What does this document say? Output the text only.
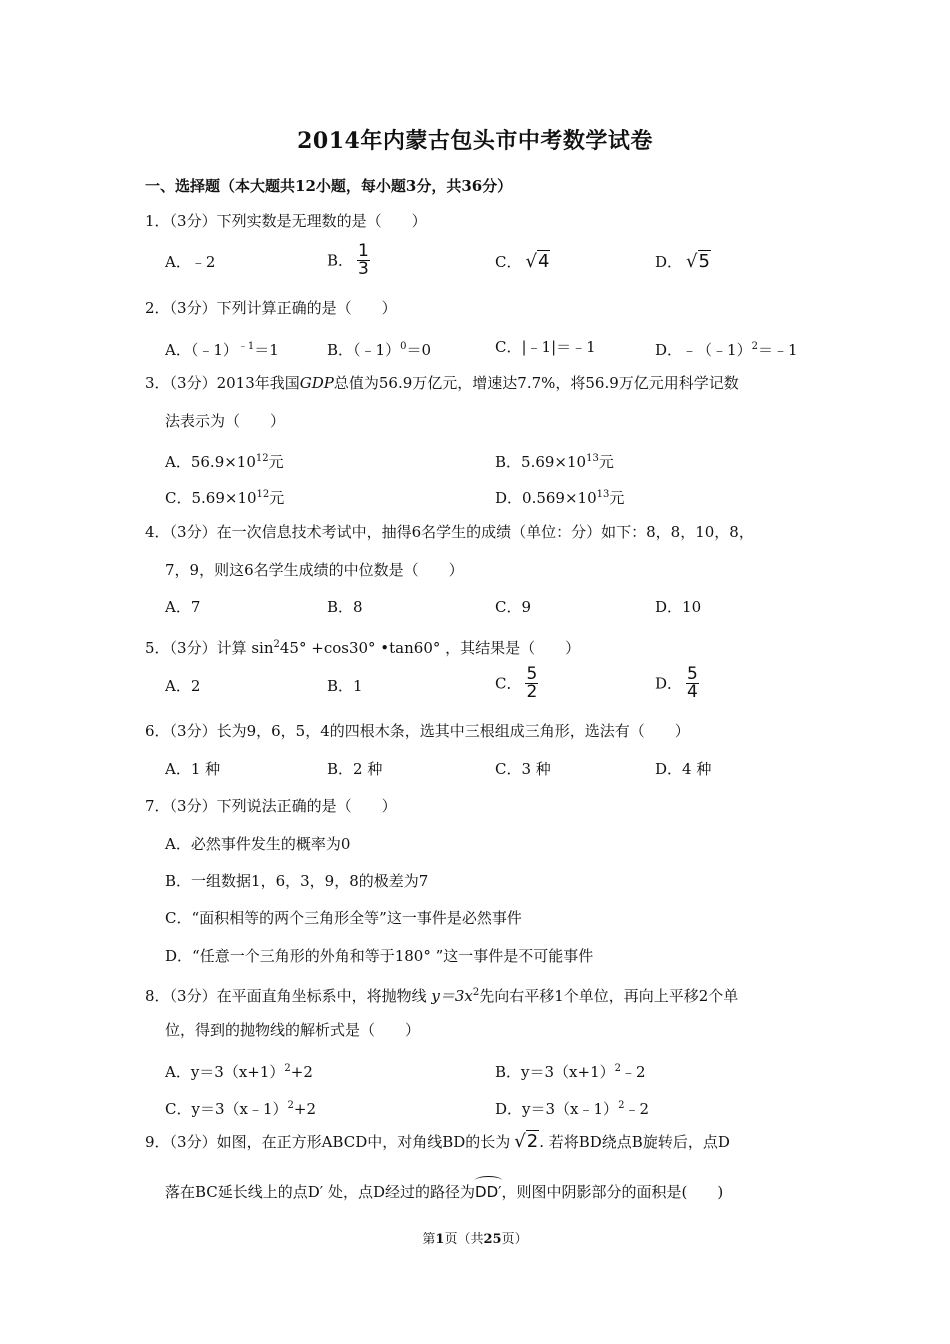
2014年内蒙古包头市中考数学试卷
一、选择题（本大题共12小题，每小题3分，共36分）
1．（3分）下列实数是无理数的是（　　）
A．﹣2	B． $\frac{1}{3}$	C． √4	D． √5
2．（3分）下列计算正确的是（　　）
A．（﹣1）$^{﹣1}$＝1	B．（﹣1）$^0$＝0	C．|﹣1|＝﹣1	D．﹣（﹣1）$^2$＝﹣1
3．（3分）2013年我国GDP总值为56.9万亿元，增速达7.7%，将56.9万亿元用科学记数
法表示为（　　）
A．$56.9\times 10^{12}$元	B．$5.69\times 10^{13}$元
C．$5.69\times 10^{12}$元	D．$0.569\times 10^{13}$元
4．（3分）在一次信息技术考试中，抽得6名学生的成绩（单位：分）如下：8，8，10，8，
7，9，则这6名学生成绩的中位数是（　　）
A．7	B．8	C．9	D．10
5．（3分）计算 $\sin^245^\circ +\cos 30^\circ$ •tan60° ，其结果是（　　）
A．2	B．1	C． $\frac{5}{2}$	D． $\frac{5}{4}$
6．（3分）长为9，6，5，4的四根木条，选其中三根组成三角形，选法有（　　）
A．1 种	B．2 种	C．3 种	D．4 种
7．（3分）下列说法正确的是（　　）
A．必然事件发生的概率为0
B．一组数据1，6，3，9，8的极差为7
C．“面积相等的两个三角形全等”这一事件是必然事件
D．“任意一个三角形的外角和等于180° ”这一事件是不可能事件
8．（3分）在平面直角坐标系中，将抛物线 $y=3x^2$先向右平移1个单位，再向上平移2个单
位，得到的抛物线的解析式是（　　）
A．$y=3(x+1)^2+2$	B．$y=3(x+1)^2﹣2$
C．y＝3（x﹣1）$^2$+2	D．y＝3（x﹣1）$^2$﹣2
9．（3分）如图，在正方形ABCD中，对角线BD的长为 √2. 若将BD绕点B旋转后，点D
落在BC延长线上的点D′ 处，点D经过的路径为DD′，则图中阴影部分的面积是(　　)
第1页（共25页）
